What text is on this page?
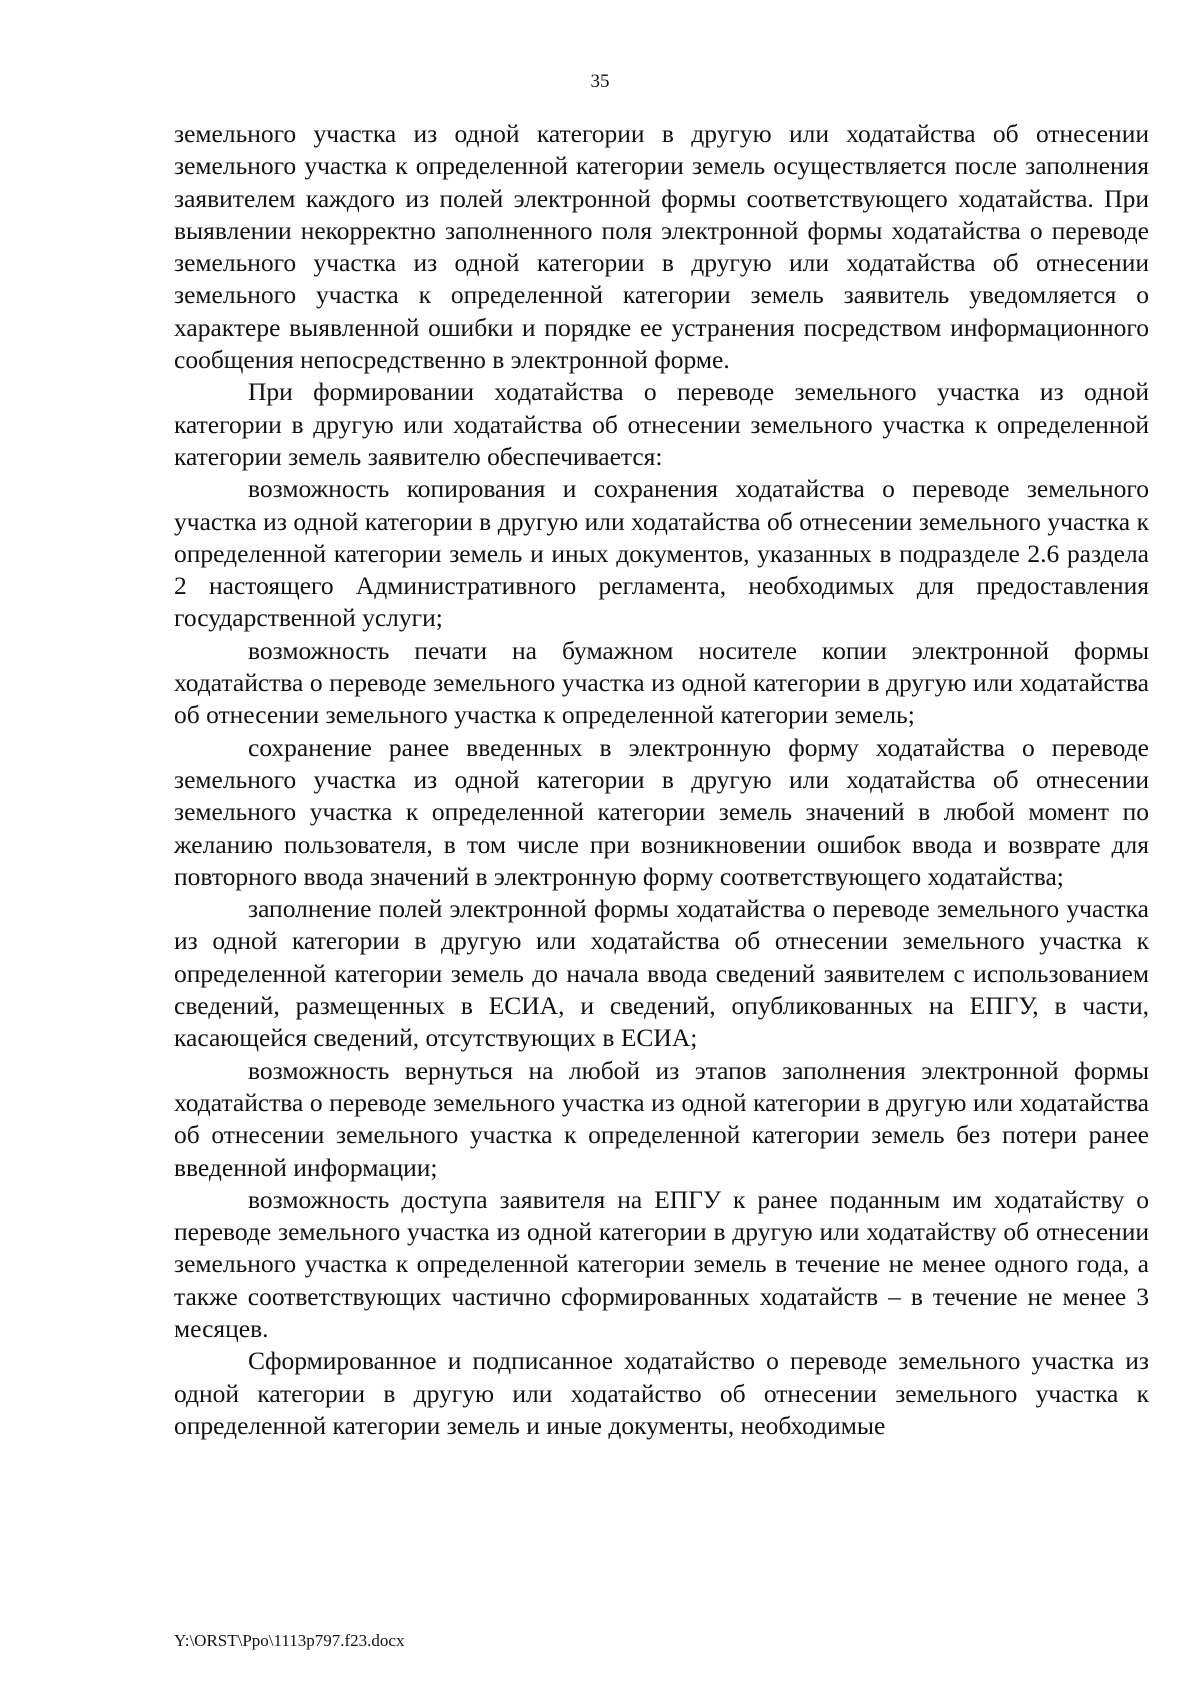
35

земельного участка из одной категории в другую или ходатайства об отнесении земельного участка к определенной категории земель осуществляется после заполнения заявителем каждого из полей электронной формы соответствующего ходатайства. При выявлении некорректно заполненного поля электронной формы ходатайства о переводе земельного участка из одной категории в другую или ходатайства об отнесении земельного участка к определенной категории земель заявитель уведомляется о характере выявленной ошибки и порядке ее устранения посредством информационного сообщения непосредственно в электронной форме.

При формировании ходатайства о переводе земельного участка из одной категории в другую или ходатайства об отнесении земельного участка к определенной категории земель заявителю обеспечивается:

возможность копирования и сохранения ходатайства о переводе земельного участка из одной категории в другую или ходатайства об отнесении земельного участка к определенной категории земель и иных документов, указанных в подразделе 2.6 раздела 2 настоящего Административного регламента, необходимых для предоставления государственной услуги;

возможность печати на бумажном носителе копии электронной формы ходатайства о переводе земельного участка из одной категории в другую или ходатайства об отнесении земельного участка к определенной категории земель;

сохранение ранее введенных в электронную форму ходатайства о переводе земельного участка из одной категории в другую или ходатайства об отнесении земельного участка к определенной категории земель значений в любой момент по желанию пользователя, в том числе при возникновении ошибок ввода и возврате для повторного ввода значений в электронную форму соответствующего ходатайства;

заполнение полей электронной формы ходатайства о переводе земельного участка из одной категории в другую или ходатайства об отнесении земельного участка к определенной категории земель до начала ввода сведений заявителем с использованием сведений, размещенных в ЕСИА, и сведений, опубликованных на ЕПГУ, в части, касающейся сведений, отсутствующих в ЕСИА;

возможность вернуться на любой из этапов заполнения электронной формы ходатайства о переводе земельного участка из одной категории в другую или ходатайства об отнесении земельного участка к определенной категории земель без потери ранее введенной информации;

возможность доступа заявителя на ЕПГУ к ранее поданным им ходатайству о переводе земельного участка из одной категории в другую или ходатайству об отнесении земельного участка к определенной категории земель в течение не менее одного года, а также соответствующих частично сформированных ходатайств – в течение не менее 3 месяцев.

Сформированное и подписанное ходатайство о переводе земельного участка из одной категории в другую или ходатайство об отнесении земельного участка к определенной категории земель и иные документы, необходимые

Y:\ORST\Ppo\1113p797.f23.docx
